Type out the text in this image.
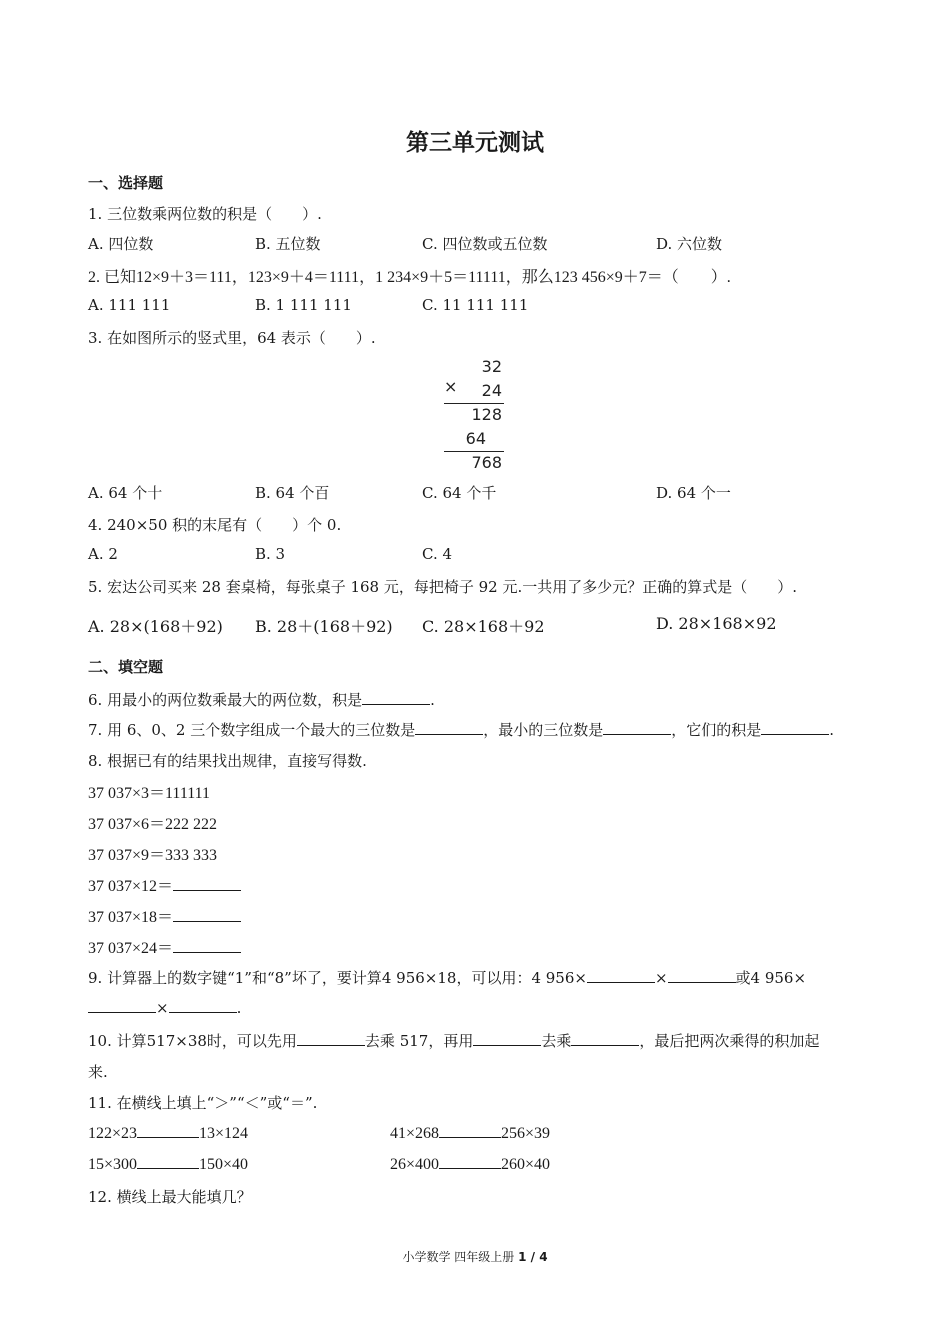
第三单元测试
一、选择题
1. 三位数乘两位数的积是（　　）.
A. 四位数	B. 五位数	C. 四位数或五位数	D. 六位数
2. 已知12×9＋3＝111，123×9＋4＝1111，1 234×9＋5＝11111，那么123 456×9＋7＝（　　）.
A. 111 111	B. 1 111 111	C. 11 111 111
3. 在如图所示的竖式里，64 表示（　　）.
32
× 24
128
64
768
A. 64 个十	B. 64 个百	C. 64 个千	D. 64 个一
4. 240×50 积的末尾有（　　）个 0.
A. 2	B. 3	C. 4
5. 宏达公司买来 28 套桌椅，每张桌子 168 元，每把椅子 92 元.一共用了多少元？正确的算式是（　　）.
A. 28×(168＋92) B. 28＋(168＋92) C. 28×168＋92	D. 28×168×92
二、填空题
6. 用最小的两位数乘最大的两位数，积是	.
7. 用 6、0、2 三个数字组成一个最大的三位数是	，最小的三位数是	，它们的积是	.
8. 根据已有的结果找出规律，直接写得数.
37 037×3＝111111
37 037×6＝222 222
37 037×9＝333 333
37 037×12＝
37 037×18＝
37 037×24＝
9. 计算器上的数字键“1”和“8”坏了，要计算4 956×18，可以用：4 956×	×	或4 956×
×	.
10. 计算517×38时，可以先用	去乘 517，再用	去乘	，最后把两次乘得的积加起
来.
11. 在横线上填上“＞”“＜”或“＝”.
122×23	13×124	41×268	256×39
15×300	150×40	26×400	260×40
12. 横线上最大能填几？
小学数学 四年级上册 1 / 4
